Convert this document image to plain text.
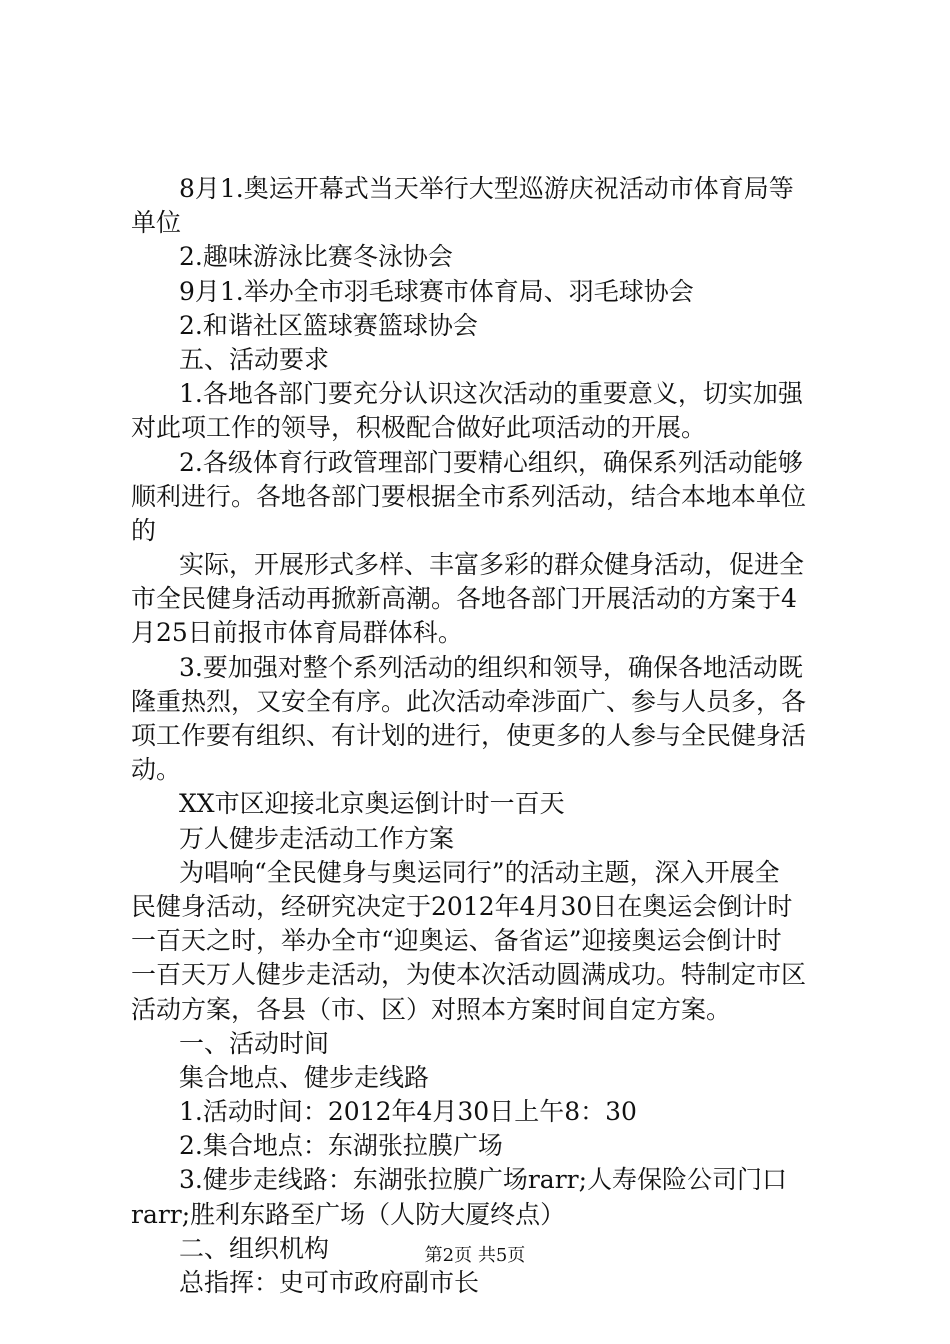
8月1.奥运开幕式当天举行大型巡游庆祝活动市体育局等
单位
2.趣味游泳比赛冬泳协会
9月1.举办全市羽毛球赛市体育局、羽毛球协会
2.和谐社区篮球赛篮球协会
五、活动要求
1.各地各部门要充分认识这次活动的重要意义，切实加强
对此项工作的领导，积极配合做好此项活动的开展。
2.各级体育行政管理部门要精心组织，确保系列活动能够
顺利进行。各地各部门要根据全市系列活动，结合本地本单位
的
实际，开展形式多样、丰富多彩的群众健身活动，促进全
市全民健身活动再掀新高潮。各地各部门开展活动的方案于4
月25日前报市体育局群体科。
3.要加强对整个系列活动的组织和领导，确保各地活动既
隆重热烈，又安全有序。此次活动牵涉面广、参与人员多，各
项工作要有组织、有计划的进行，使更多的人参与全民健身活
动。
XX市区迎接北京奥运倒计时一百天
万人健步走活动工作方案
为唱响“全民健身与奥运同行”的活动主题，深入开展全
民健身活动，经研究决定于2012年4月30日在奥运会倒计时
一百天之时，举办全市“迎奥运、备省运”迎接奥运会倒计时
一百天万人健步走活动，为使本次活动圆满成功。特制定市区
活动方案，各县（市、区）对照本方案时间自定方案。
一、活动时间
集合地点、健步走线路
1.活动时间：2012年4月30日上午8：30
2.集合地点：东湖张拉膜广场
3.健步走线路：东湖张拉膜广场rarr;人寿保险公司门口
rarr;胜利东路至广场（人防大厦终点）
二、组织机构
总指挥：史可市政府副市长
第2页 共5页
